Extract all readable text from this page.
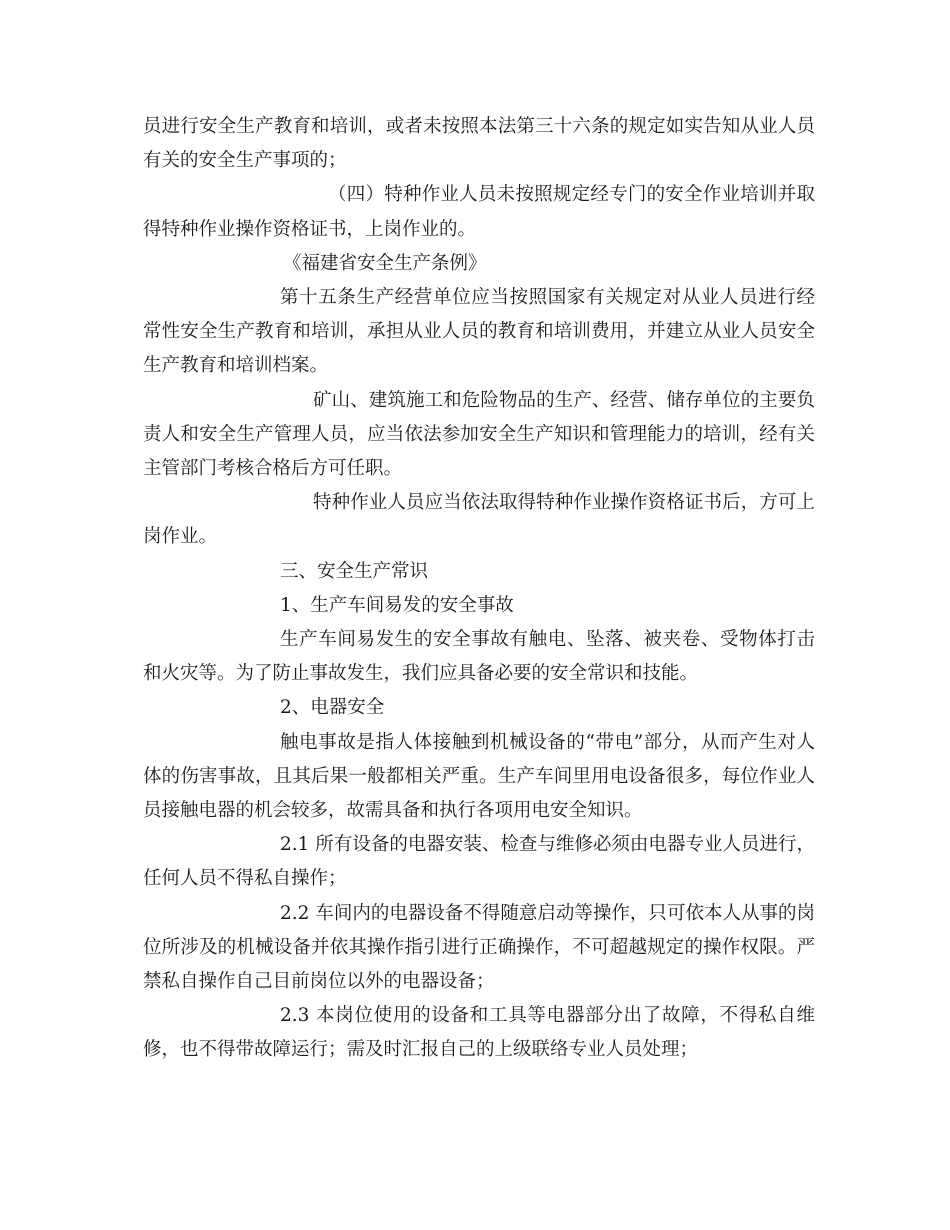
员进行安全生产教育和培训，或者未按照本法第三十六条的规定如实告知从业人员有关的安全生产事项的；

（四）特种作业人员未按照规定经专门的安全作业培训并取得特种作业操作资格证书，上岗作业的。

《福建省安全生产条例》

第十五条生产经营单位应当按照国家有关规定对从业人员进行经常性安全生产教育和培训，承担从业人员的教育和培训费用，并建立从业人员安全生产教育和培训档案。

矿山、建筑施工和危险物品的生产、经营、储存单位的主要负责人和安全生产管理人员，应当依法参加安全生产知识和管理能力的培训，经有关主管部门考核合格后方可任职。

特种作业人员应当依法取得特种作业操作资格证书后，方可上岗作业。

三、安全生产常识

1、生产车间易发的安全事故

生产车间易发生的安全事故有触电、坠落、被夹卷、受物体打击和火灾等。为了防止事故发生，我们应具备必要的安全常识和技能。

2、电器安全

触电事故是指人体接触到机械设备的“带电”部分，从而产生对人体的伤害事故，且其后果一般都相关严重。生产车间里用电设备很多，每位作业人员接触电器的机会较多，故需具备和执行各项用电安全知识。

2.1 所有设备的电器安装、检查与维修必须由电器专业人员进行，任何人员不得私自操作；

2.2 车间内的电器设备不得随意启动等操作，只可依本人从事的岗位所涉及的机械设备并依其操作指引进行正确操作，不可超越规定的操作权限。严禁私自操作自己目前岗位以外的电器设备；

2.3 本岗位使用的设备和工具等电器部分出了故障，不得私自维修，也不得带故障运行；需及时汇报自己的上级联络专业人员处理；
